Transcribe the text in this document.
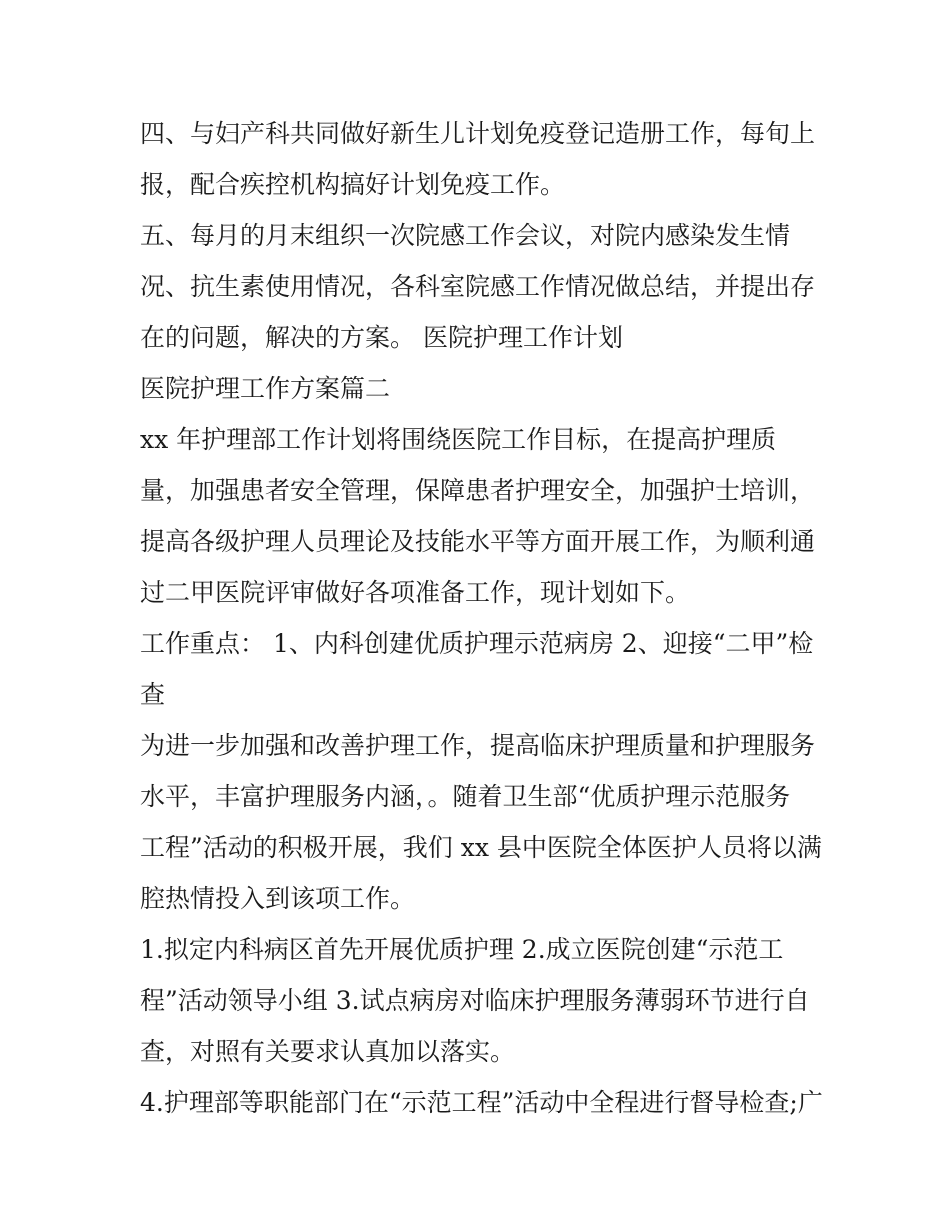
四、与妇产科共同做好新生儿计划免疫登记造册工作，每旬上
报，配合疾控机构搞好计划免疫工作。
五、每月的月末组织一次院感工作会议，对院内感染发生情
况、抗生素使用情况，各科室院感工作情况做总结，并提出存
在的问题，解决的方案。 医院护理工作计划
医院护理工作方案篇二
xx 年护理部工作计划将围绕医院工作目标，在提高护理质
量，加强患者安全管理，保障患者护理安全，加强护士培训，
提高各级护理人员理论及技能水平等方面开展工作，为顺利通
过二甲医院评审做好各项准备工作，现计划如下。
工作重点： 1、内科创建优质护理示范病房 2、迎接“二甲”检
查
为进一步加强和改善护理工作，提高临床护理质量和护理服务
水平，丰富护理服务内涵，。随着卫生部“优质护理示范服务
工程”活动的积极开展，我们 xx 县中医院全体医护人员将以满
腔热情投入到该项工作。
1.拟定内科病区首先开展优质护理 2.成立医院创建“示范工
程”活动领导小组 3.试点病房对临床护理服务薄弱环节进行自
查，对照有关要求认真加以落实。
4.护理部等职能部门在“示范工程”活动中全程进行督导检查;广
